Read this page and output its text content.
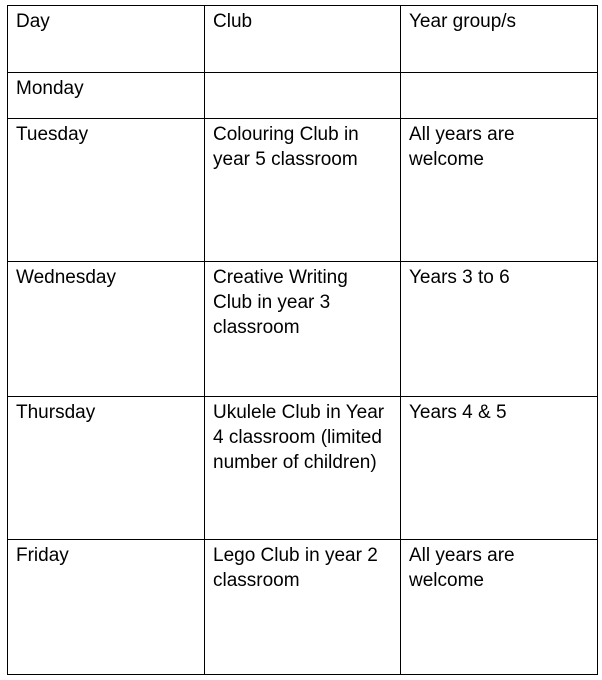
Day	Club	Year group/s
Monday		
Tuesday	Colouring Club in year 5 classroom	All years are welcome
Wednesday	Creative Writing Club in year 3 classroom	Years 3 to 6
Thursday	Ukulele Club in Year 4 classroom (limited number of children)	Years 4 & 5
Friday	Lego Club in year 2 classroom	All years are welcome
